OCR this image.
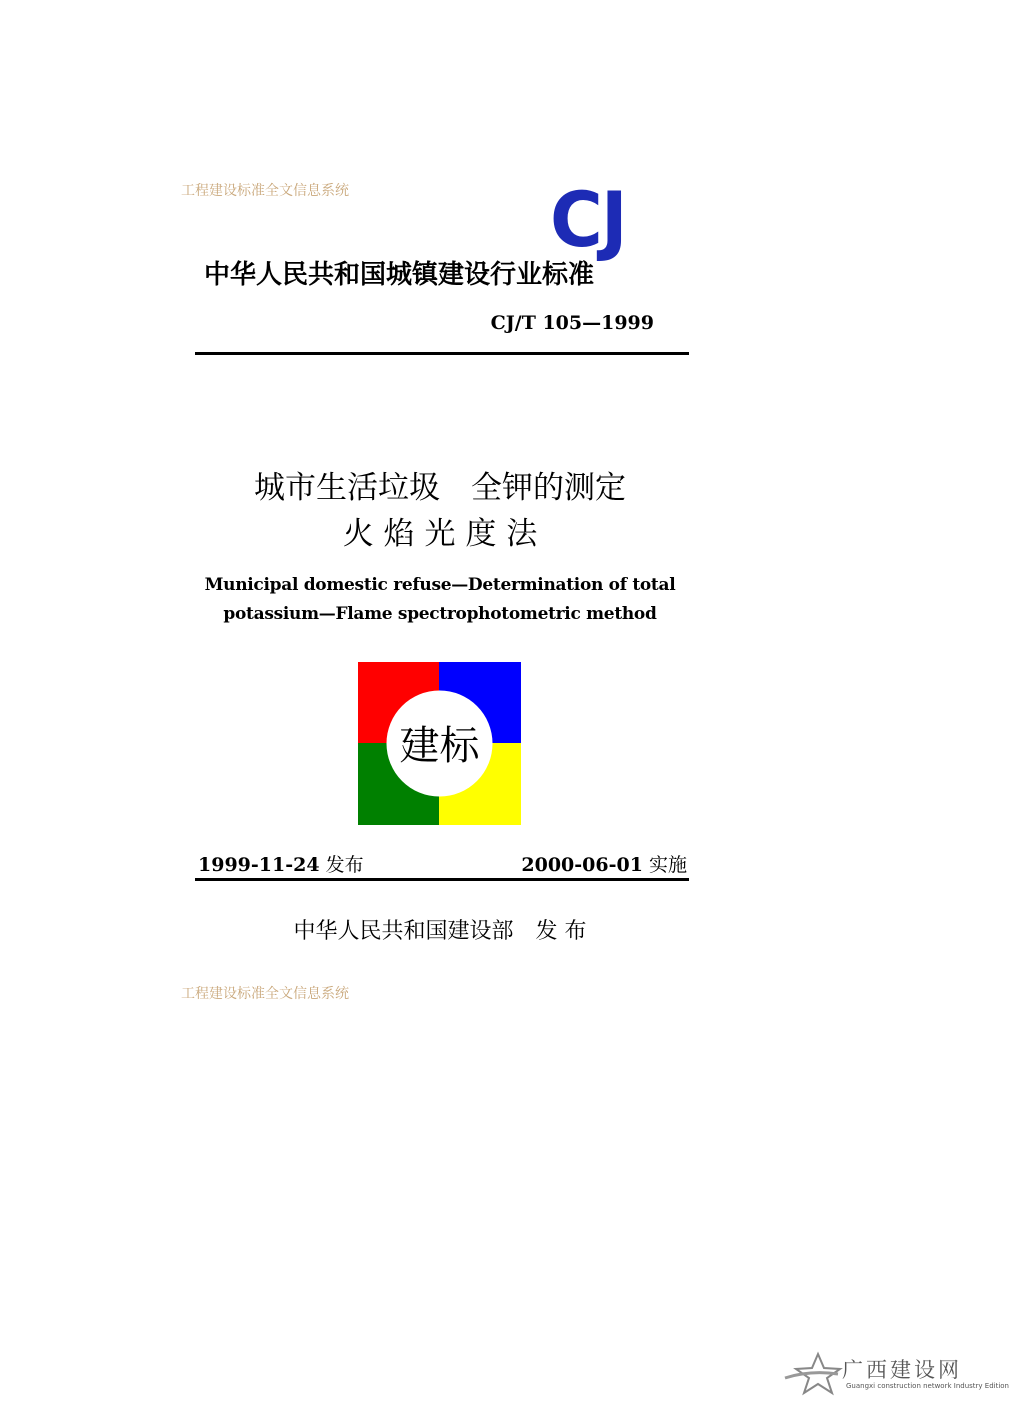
工程建设标准全文信息系统	CJ
中华人民共和国城镇建设行业标准
CJ/T 105—1999
城市生活垃圾　全钾的测定
火 焰 光 度 法
Municipal domestic refuse—Determination of total
potassium—Flame spectrophotometric method
建标
1999-11-24 发布	2000-06-01 实施
中华人民共和国建设部　发 布
工程建设标准全文信息系统
广西建设网
Guangxi construction network Industry Edition
